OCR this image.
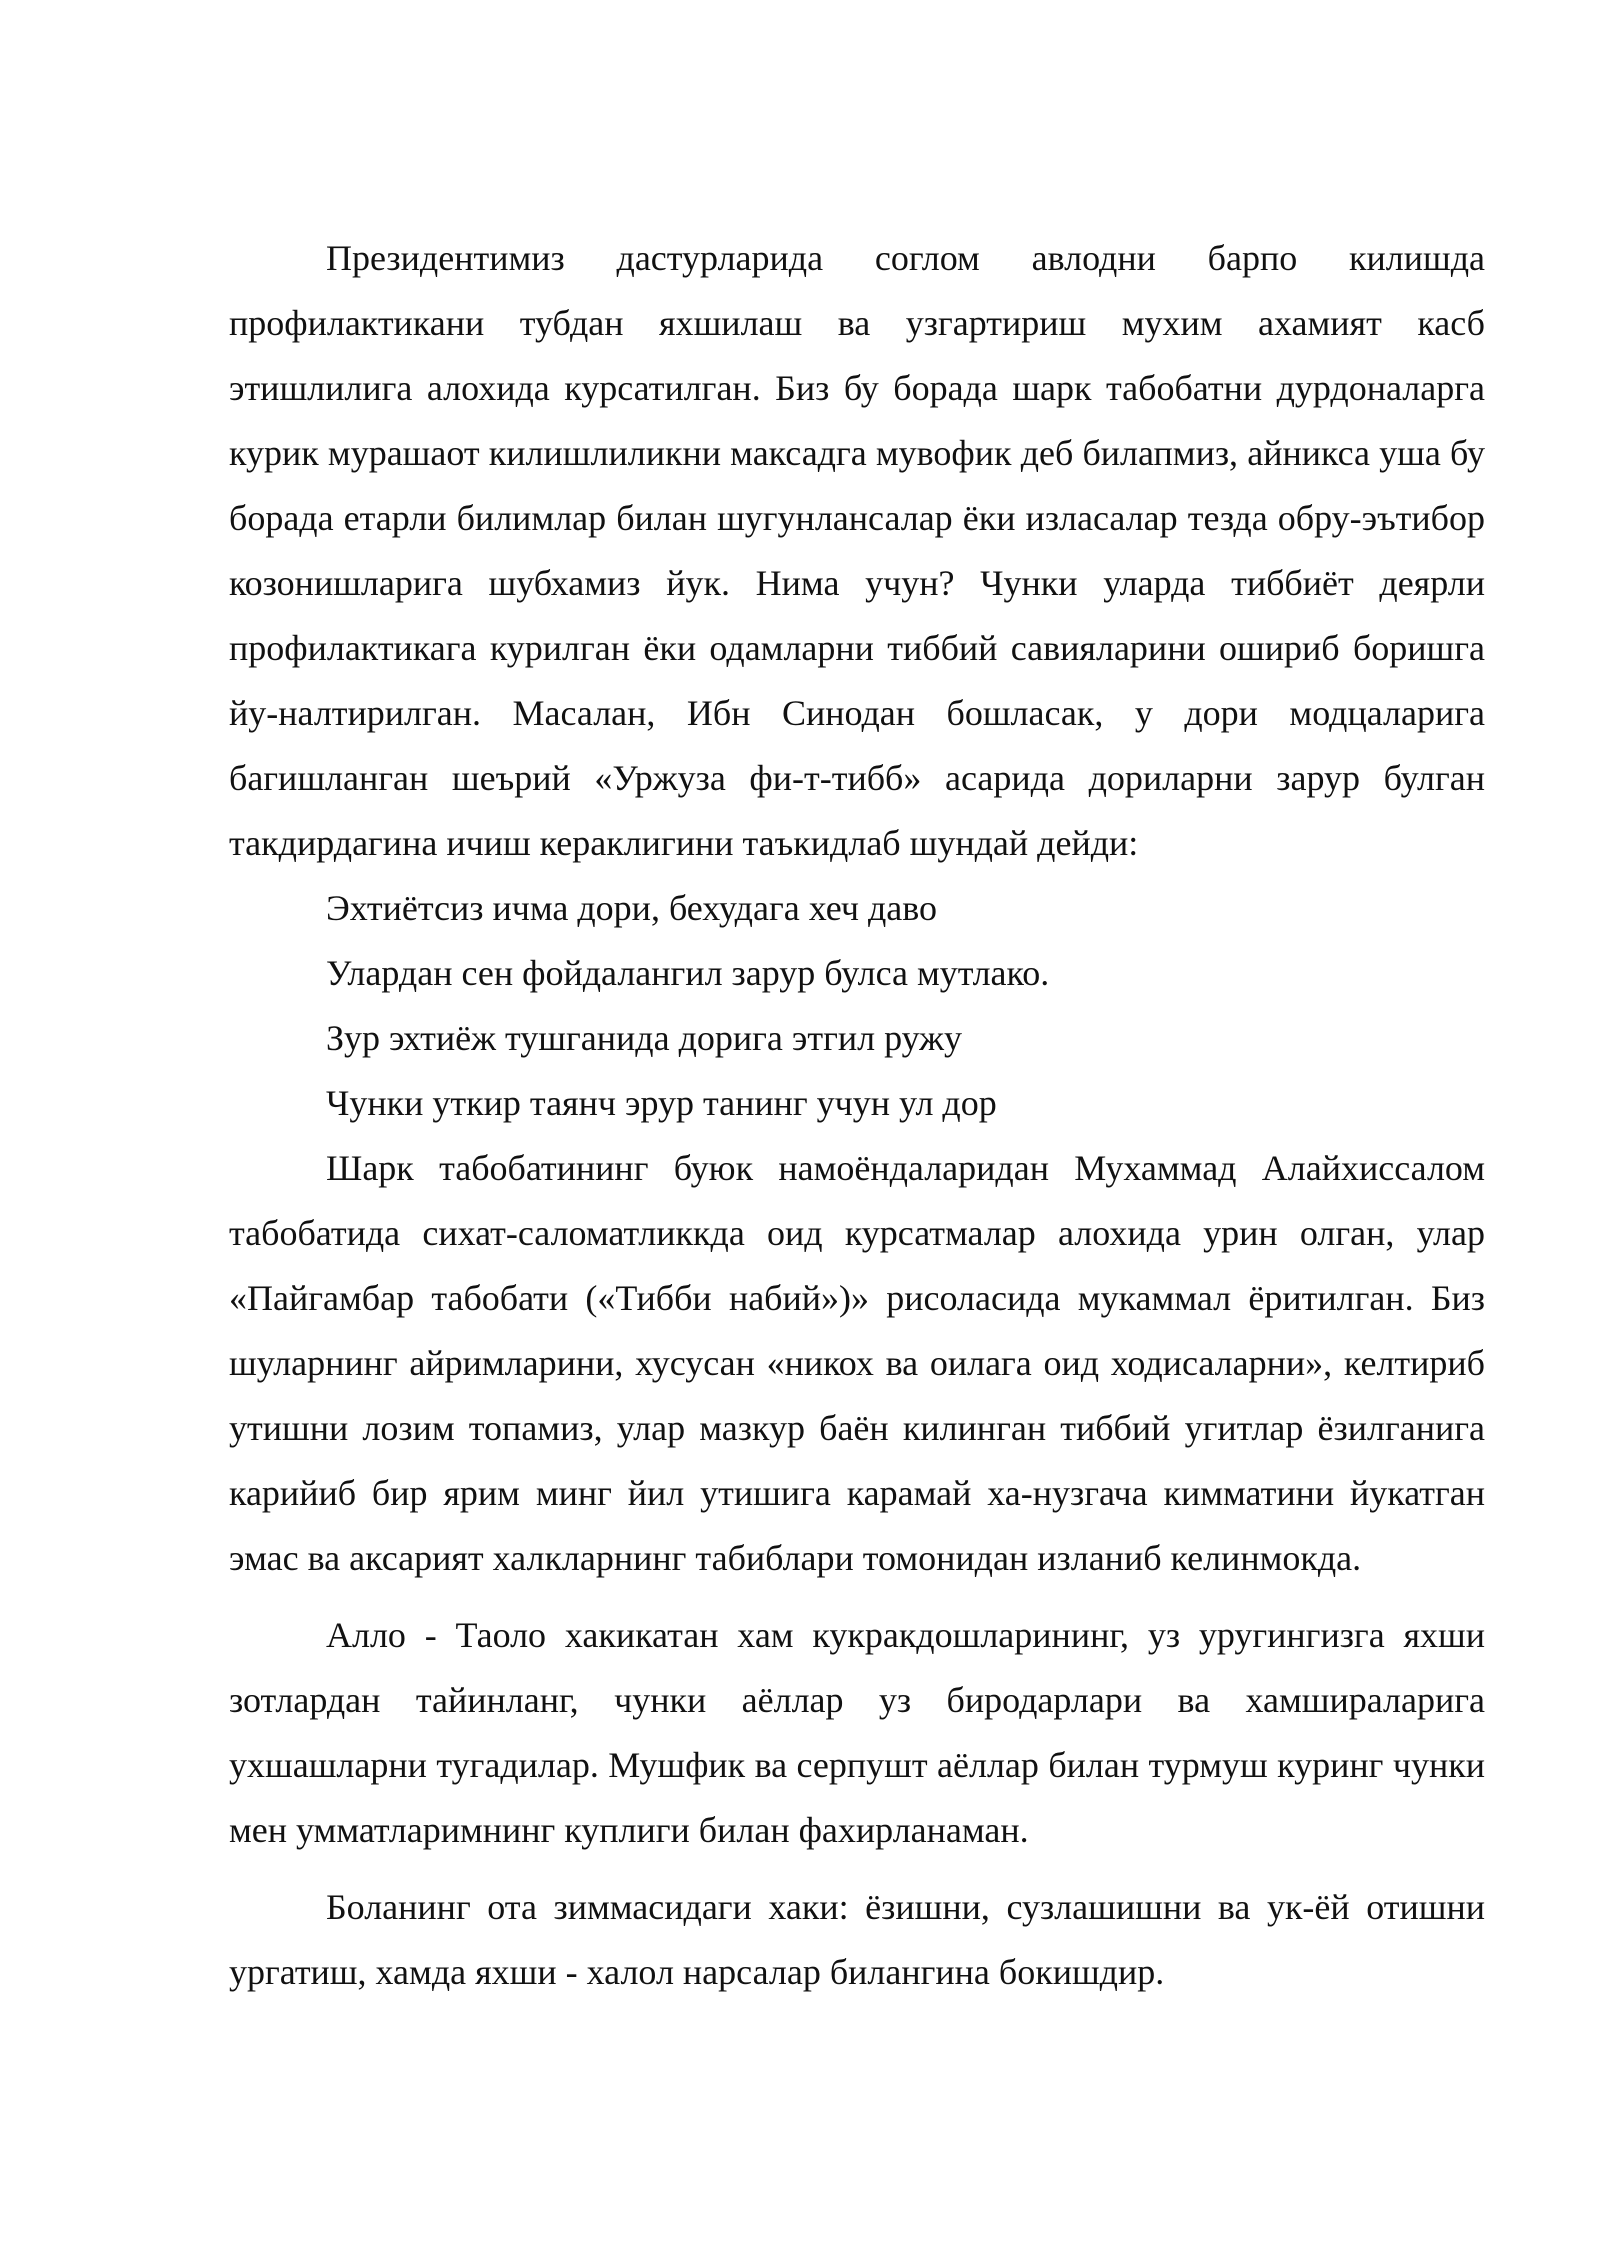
Президентимиз дастурларида соглом авлодни барпо килишда профилактикани тубдан яхшилаш ва узгартириш мухим ахамият касб этишлилига алохида курсатилган. Биз бу борада шарк табобатни дурдоналарга курик мурашаот килишлиликни максадга мувофик деб билапмиз, айникса уша бу борада етарли билимлар билан шугунлансалар ёки изласалар тезда обру-эътибор козонишларига шубхамиз йук. Нима учун? Чунки уларда тиббиёт деярли профилактикага курилган ёки одамларни тиббий савияларини ошириб боришга йу-налтирилган. Масалан, Ибн Синодан бошласак, у дори модцаларига багишланган шеърий «Уржуза фи-т-тибб» асарида дориларни зарур булган такдирдагина ичиш кераклигини таъкидлаб шундай дейди:

Эхтиётсиз ичма дори, бехудага хеч даво

Улардан сен фойдалангил зарур булса мутлако.

Зур эхтиёж тушганида дорига этгил ружу

Чунки уткир таянч эрур танинг учун ул дор

Шарк табобатининг буюк намоёндаларидан Мухаммад Алайхиссалом табобатида сихат-саломатликкда оид курсатмалар алохида урин олган, улар «Пайгамбар табобати («Тибби набий»)» рисоласида мукаммал ёритилган. Биз шуларнинг айримларини, хусусан «никох ва оилага оид ходисаларни», келтириб утишни лозим топамиз, улар мазкур баён килинган тиббий угитлар ёзилганига карийиб бир ярим минг йил утишига карамай ха-нузгача кимматини йукатган эмас ва аксарият халкларнинг табиблари томонидан изланиб келинмокда.

Алло - Таоло хакикатан хам кукракдошларининг, уз уругингизга яхши зотлардан тайинланг, чунки аёллар уз биродарлари ва хамшираларига ухшашларни тугадилар. Мушфик ва серпушт аёллар билан турмуш куринг чунки мен умматларимнинг куплиги билан фахирланаман.

Боланинг ота зиммасидаги хаки: ёзишни, сузлашишни ва ук-ёй отишни ургатиш, хамда яхши - халол нарсалар билангина бокишдир.
